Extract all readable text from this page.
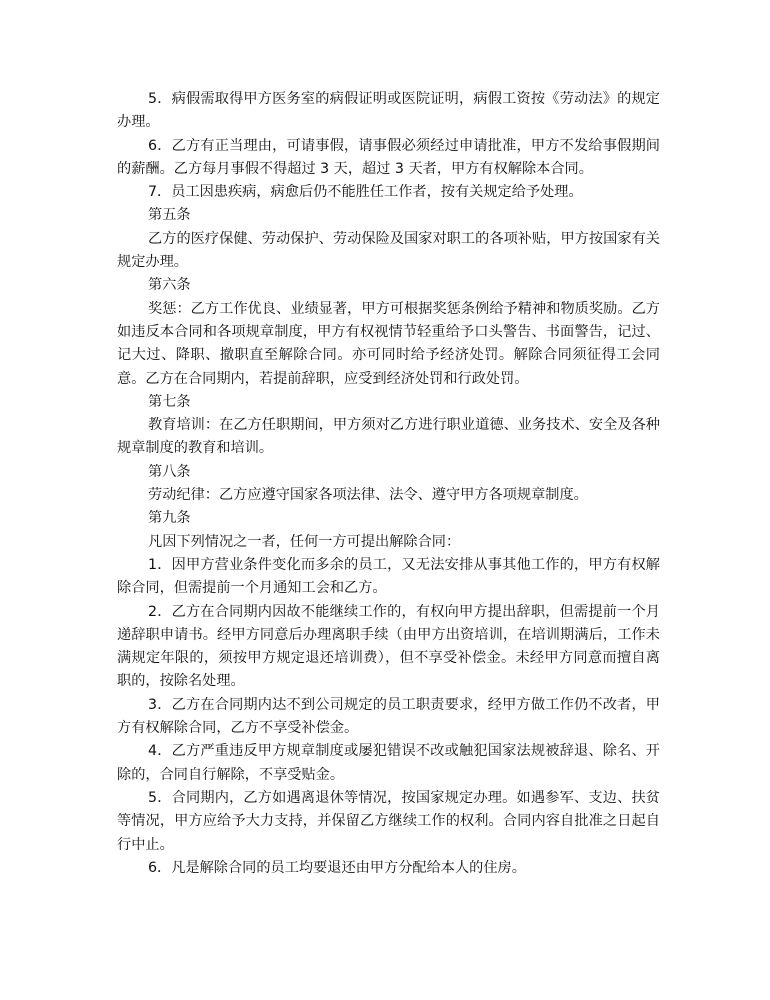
5．病假需取得甲方医务室的病假证明或医院证明，病假工资按《劳动法》的规定办理。

6．乙方有正当理由，可请事假，请事假必须经过申请批准，甲方不发给事假期间的薪酬。乙方每月事假不得超过 3 天，超过 3 天者，甲方有权解除本合同。

7．员工因患疾病，病愈后仍不能胜任工作者，按有关规定给予处理。

第五条

乙方的医疗保健、劳动保护、劳动保险及国家对职工的各项补贴，甲方按国家有关规定办理。

第六条

奖惩：乙方工作优良、业绩显著，甲方可根据奖惩条例给予精神和物质奖励。乙方如违反本合同和各项规章制度，甲方有权视情节轻重给予口头警告、书面警告，记过、记大过、降职、撤职直至解除合同。亦可同时给予经济处罚。解除合同须征得工会同意。乙方在合同期内，若提前辞职，应受到经济处罚和行政处罚。

第七条

教育培训：在乙方任职期间，甲方须对乙方进行职业道德、业务技术、安全及各种规章制度的教育和培训。

第八条

劳动纪律：乙方应遵守国家各项法律、法令、遵守甲方各项规章制度。

第九条

凡因下列情况之一者，任何一方可提出解除合同：

1．因甲方营业条件变化而多余的员工，又无法安排从事其他工作的，甲方有权解除合同，但需提前一个月通知工会和乙方。

2．乙方在合同期内因故不能继续工作的，有权向甲方提出辞职，但需提前一个月递辞职申请书。经甲方同意后办理离职手续（由甲方出资培训，在培训期满后，工作未满规定年限的，须按甲方规定退还培训费），但不享受补偿金。未经甲方同意而擅自离职的，按除名处理。

3．乙方在合同期内达不到公司规定的员工职责要求，经甲方做工作仍不改者，甲方有权解除合同，乙方不享受补偿金。

4．乙方严重违反甲方规章制度或屡犯错误不改或触犯国家法规被辞退、除名、开除的，合同自行解除，不享受贴金。

5．合同期内，乙方如遇离退休等情况，按国家规定办理。如遇参军、支边、扶贫等情况，甲方应给予大力支持，并保留乙方继续工作的权利。合同内容自批准之日起自行中止。

6．凡是解除合同的员工均要退还由甲方分配给本人的住房。
